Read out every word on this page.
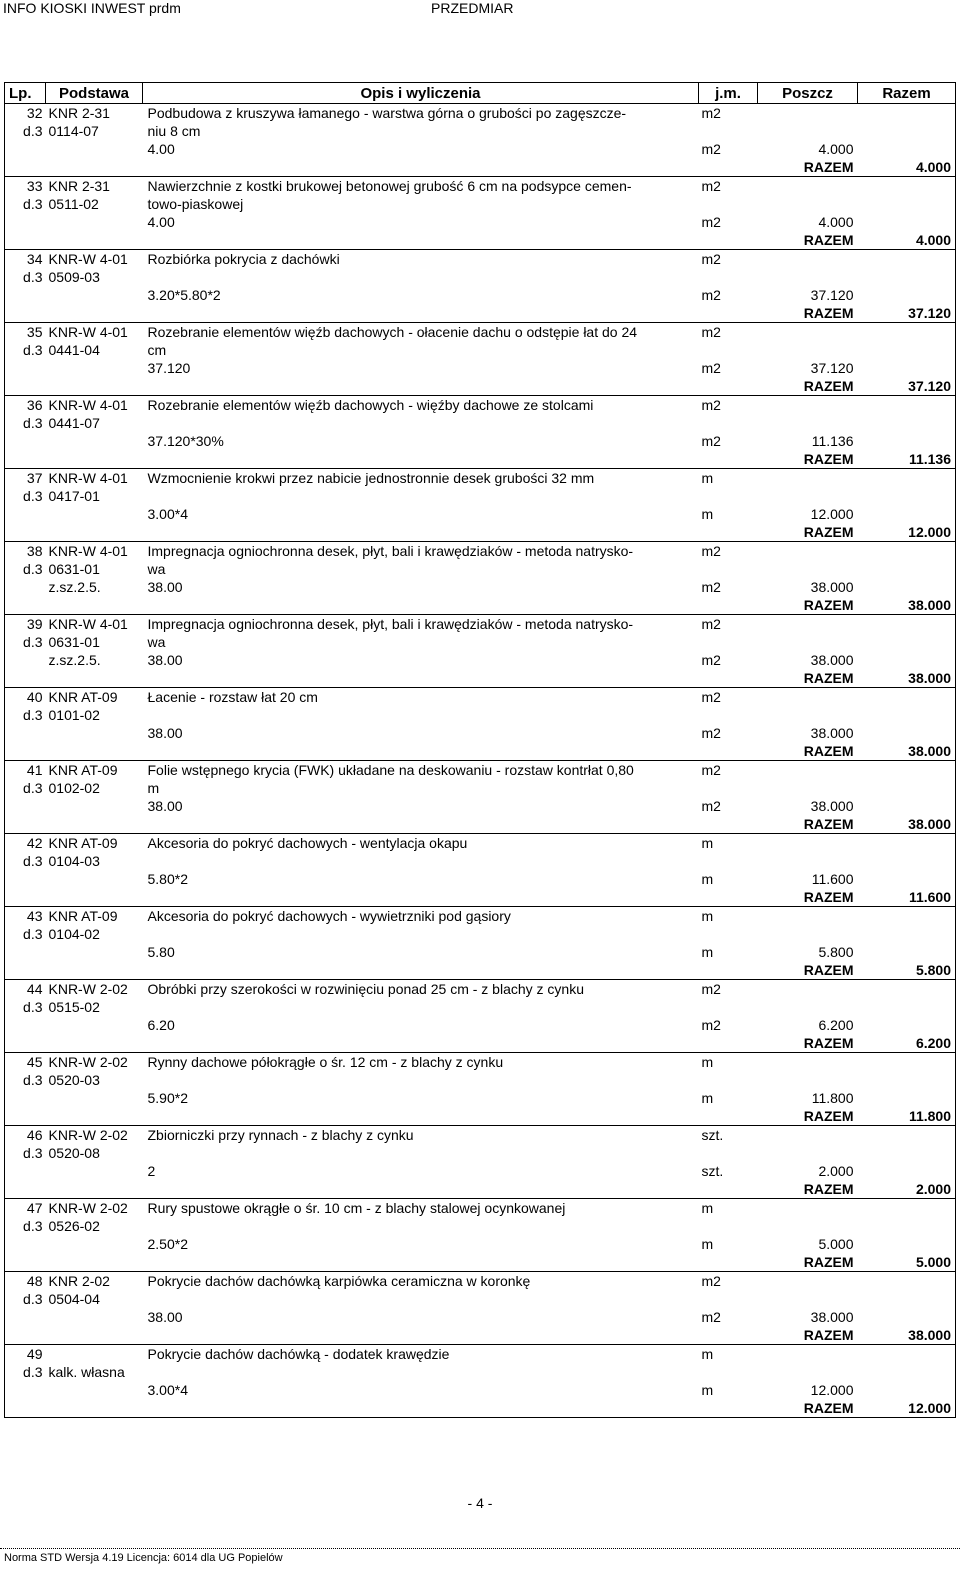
INFO KIOSKI INWEST prdm	PRZEDMIAR
Lp.	Podstawa	Opis i wyliczenia	j.m.	Poszcz	Razem
32	KNR 2-31	Podbudowa z kruszywa łamanego - warstwa górna o grubości po zagęszcze-	m2		
d.3	0114-07	niu 8 cm			
		4.00	m2	4.000	
				RAZEM	4.000
33	KNR 2-31	Nawierzchnie z kostki brukowej betonowej grubość 6 cm na podsypce cemen-	m2		
d.3	0511-02	towo-piaskowej			
		4.00	m2	4.000	
				RAZEM	4.000
34	KNR-W 4-01	Rozbiórka pokrycia z dachówki	m2		
d.3	0509-03				
		3.20*5.80*2	m2	37.120	
				RAZEM	37.120
35	KNR-W 4-01	Rozebranie elementów więźb dachowych - ołacenie dachu o odstępie łat do 24	m2		
d.3	0441-04	cm			
		37.120	m2	37.120	
				RAZEM	37.120
36	KNR-W 4-01	Rozebranie elementów więźb dachowych - więźby dachowe ze stolcami	m2		
d.3	0441-07				
		37.120*30%	m2	11.136	
				RAZEM	11.136
37	KNR-W 4-01	Wzmocnienie krokwi przez nabicie jednostronnie desek grubości 32 mm	m		
d.3	0417-01				
		3.00*4	m	12.000	
				RAZEM	12.000
38	KNR-W 4-01	Impregnacja ogniochronna desek, płyt, bali i krawędziaków - metoda natrysko-	m2		
d.3	0631-01	wa			
	z.sz.2.5.	38.00	m2	38.000	
				RAZEM	38.000
39	KNR-W 4-01	Impregnacja ogniochronna desek, płyt, bali i krawędziaków - metoda natrysko-	m2		
d.3	0631-01	wa			
	z.sz.2.5.	38.00	m2	38.000	
				RAZEM	38.000
40	KNR AT-09	Łacenie - rozstaw łat 20 cm	m2		
d.3	0101-02				
		38.00	m2	38.000	
				RAZEM	38.000
41	KNR AT-09	Folie wstępnego krycia (FWK) układane na deskowaniu - rozstaw kontrłat 0,80	m2		
d.3	0102-02	m			
		38.00	m2	38.000	
				RAZEM	38.000
42	KNR AT-09	Akcesoria do pokryć dachowych - wentylacja okapu	m		
d.3	0104-03				
		5.80*2	m	11.600	
				RAZEM	11.600
43	KNR AT-09	Akcesoria do pokryć dachowych - wywietrzniki pod gąsiory	m		
d.3	0104-02				
		5.80	m	5.800	
				RAZEM	5.800
44	KNR-W 2-02	Obróbki przy szerokości w rozwinięciu ponad 25 cm - z blachy z cynku	m2		
d.3	0515-02				
		6.20	m2	6.200	
				RAZEM	6.200
45	KNR-W 2-02	Rynny dachowe półokrągłe o śr. 12 cm - z blachy z cynku	m		
d.3	0520-03				
		5.90*2	m	11.800	
				RAZEM	11.800
46	KNR-W 2-02	Zbiorniczki przy rynnach - z blachy z cynku	szt.		
d.3	0520-08				
		2	szt.	2.000	
				RAZEM	2.000
47	KNR-W 2-02	Rury spustowe okrągłe o śr. 10 cm - z blachy stalowej ocynkowanej	m		
d.3	0526-02				
		2.50*2	m	5.000	
				RAZEM	5.000
48	KNR 2-02	Pokrycie dachów dachówką karpiówka ceramiczna w koronkę	m2		
d.3	0504-04				
		38.00	m2	38.000	
				RAZEM	38.000
49		Pokrycie dachów dachówką - dodatek krawędzie	m		
d.3	kalk. własna				
		3.00*4	m	12.000	
				RAZEM	12.000
- 4 -
Norma STD Wersja 4.19 Licencja: 6014 dla UG Popielów
